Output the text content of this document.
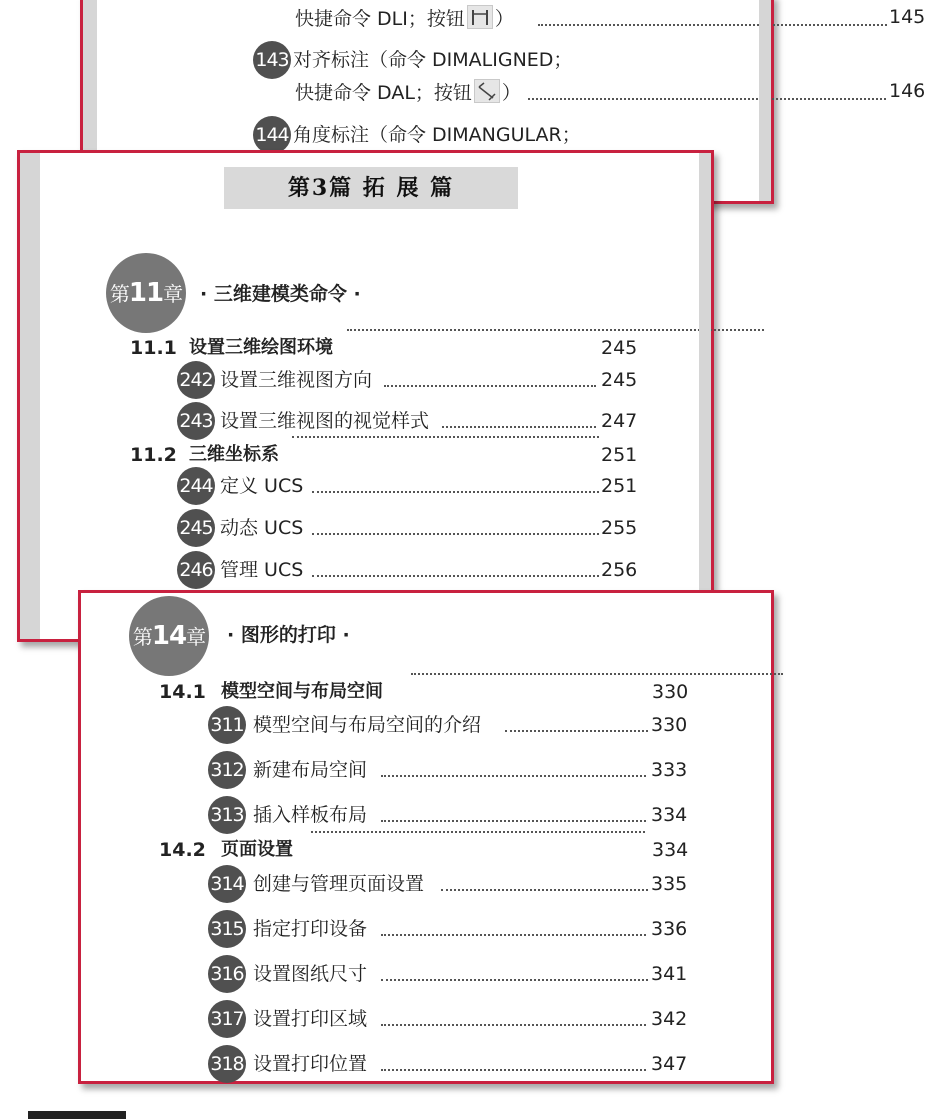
快捷命令 DLI；按钮 ）	145
143 对齐标注（命令 DIMALIGNED；
快捷命令 DAL；按钮 ）	146
144 角度标注（命令 DIMANGULAR；
第3篇 拓 展 篇
第11章 · 三维建模类命令 ·
11.1 设置三维绘图环境	245
242 设置三维视图方向	245
243 设置三维视图的视觉样式	247
11.2 三维坐标系	251
244 定义 UCS	251
245 动态 UCS	255
246 管理 UCS	256
第14章 · 图形的打印 ·
14.1 模型空间与布局空间	330
311 模型空间与布局空间的介绍	330
312 新建布局空间	333
313 插入样板布局	334
14.2 页面设置	334
314 创建与管理页面设置	335
315 指定打印设备	336
316 设置图纸尺寸	341
317 设置打印区域	342
318 设置打印位置	347
